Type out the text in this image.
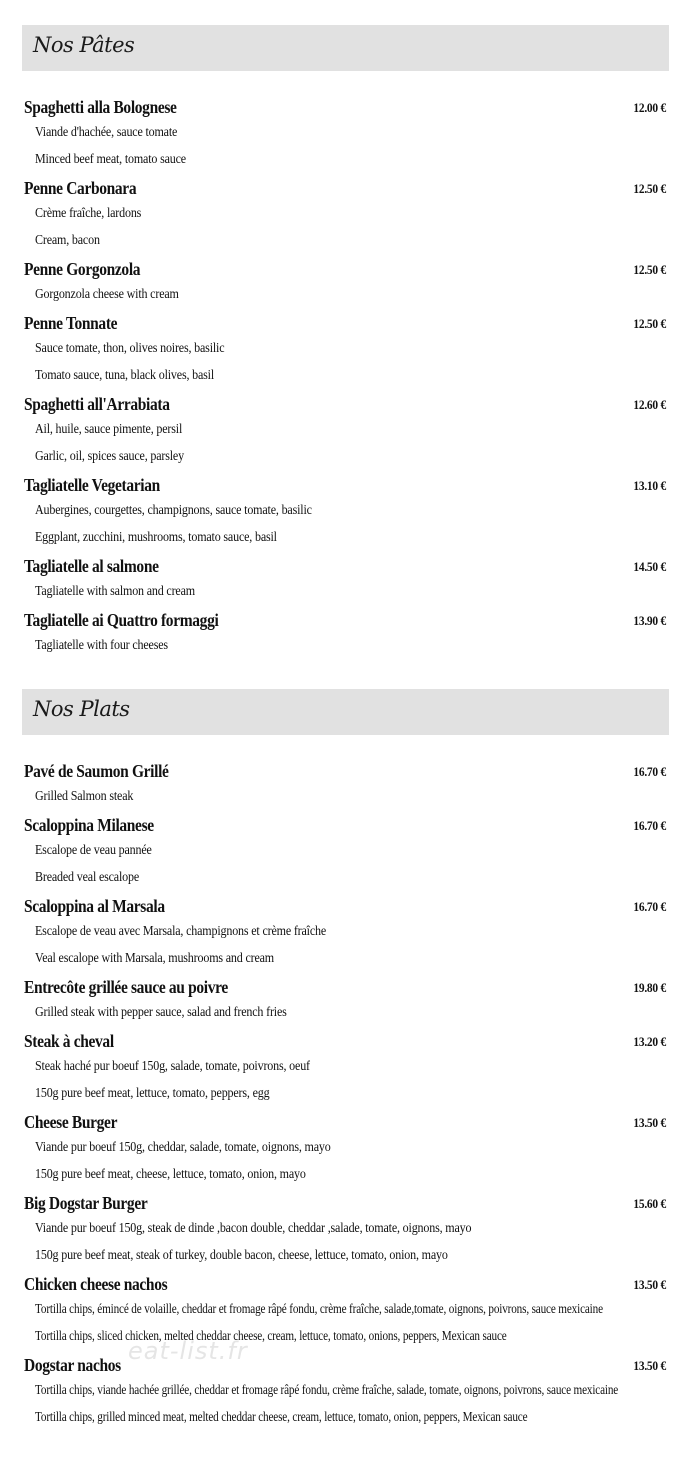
Nos Pâtes
Spaghetti alla Bolognese	12.00 €
Viande d'hachée, sauce tomate
Minced beef meat, tomato sauce
Penne Carbonara	12.50 €
Crème fraîche, lardons
Cream, bacon
Penne Gorgonzola	12.50 €
Gorgonzola cheese with cream
Penne Tonnate	12.50 €
Sauce tomate, thon, olives noires, basilic
Tomato sauce, tuna, black olives, basil
Spaghetti all'Arrabiata	12.60 €
Ail, huile, sauce pimente, persil
Garlic, oil, spices sauce, parsley
Tagliatelle Vegetarian	13.10 €
Aubergines, courgettes, champignons, sauce tomate, basilic
Eggplant, zucchini, mushrooms, tomato sauce, basil
Tagliatelle al salmone	14.50 €
Tagliatelle with salmon and cream
Tagliatelle ai Quattro formaggi	13.90 €
Tagliatelle with four cheeses
Nos Plats
Pavé de Saumon Grillé	16.70 €
Grilled Salmon steak
Scaloppina Milanese	16.70 €
Escalope de veau pannée
Breaded veal escalope
Scaloppina al Marsala	16.70 €
Escalope de veau avec Marsala, champignons et crème fraîche
Veal escalope with Marsala, mushrooms and cream
Entrecôte grillée sauce au poivre	19.80 €
Grilled steak with pepper sauce, salad and french fries
Steak à cheval	13.20 €
Steak haché pur boeuf 150g, salade, tomate, poivrons, oeuf
150g pure beef meat, lettuce, tomato, peppers, egg
Cheese Burger	13.50 €
Viande pur boeuf 150g, cheddar, salade, tomate, oignons, mayo
150g pure beef meat, cheese, lettuce, tomato, onion, mayo
Big Dogstar Burger	15.60 €
Viande pur boeuf 150g, steak de dinde ,bacon double, cheddar ,salade, tomate, oignons, mayo
150g pure beef meat, steak of turkey, double bacon, cheese, lettuce, tomato, onion, mayo
Chicken cheese nachos	13.50 €
Tortilla chips, émincé de volaille, cheddar et fromage râpé fondu, crème fraîche, salade,tomate, oignons, poivrons, sauce mexicaine
Tortilla chips, sliced chicken, melted cheddar cheese, cream, lettuce, tomato, onions, peppers, Mexican sauce
Dogstar nachos	13.50 €
Tortilla chips, viande hachée grillée, cheddar et fromage râpé fondu, crème fraîche, salade, tomate, oignons, poivrons, sauce mexicaine
Tortilla chips, grilled minced meat, melted cheddar cheese, cream, lettuce, tomato, onion, peppers, Mexican sauce
eat-list.fr
